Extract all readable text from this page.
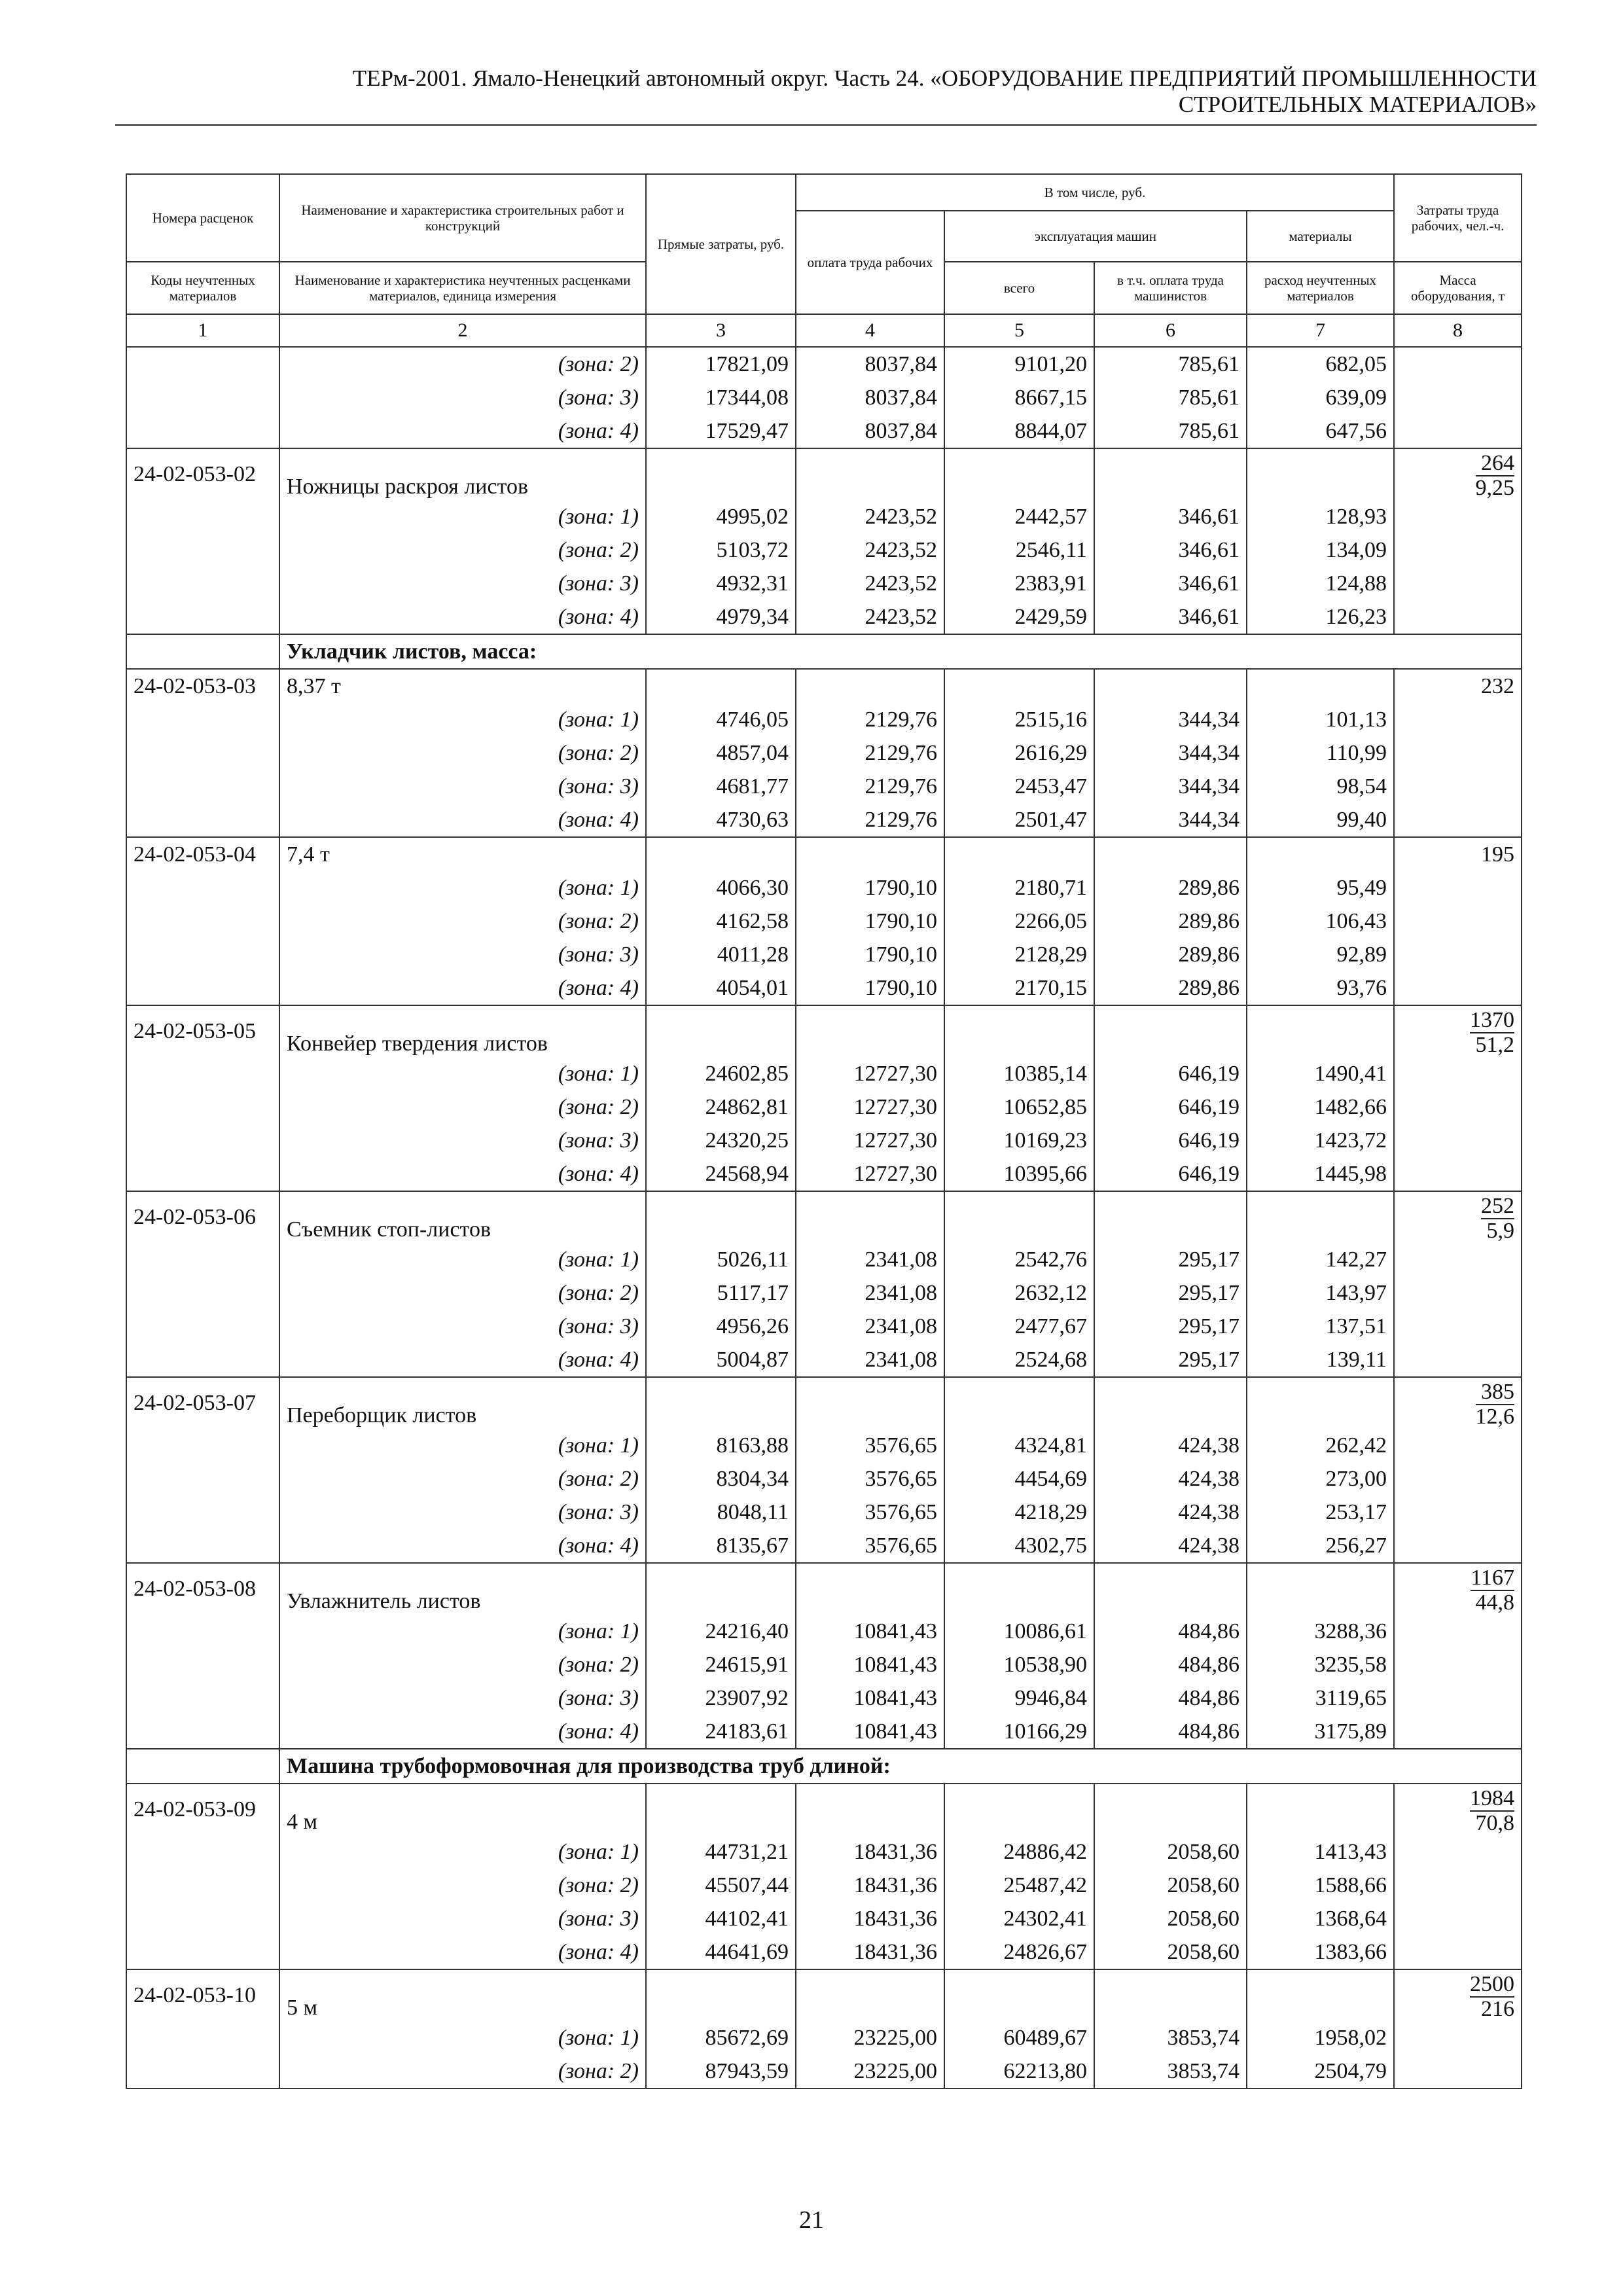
ТЕРм-2001. Ямало-Ненецкий автономный округ. Часть 24. «ОБОРУДОВАНИЕ ПРЕДПРИЯТИЙ ПРОМЫШЛЕННОСТИ
СТРОИТЕЛЬНЫХ МАТЕРИАЛОВ»
Номера расценок	Наименование и характеристика строительных работ и конструкций	Прямые затраты, руб.	В том числе, руб.				Затраты труда рабочих, чел.-ч.
			оплата труда рабочих	эксплуатация машин		материалы	
Коды неучтенных материалов	Наименование и характеристика неучтенных расценками материалов, единица измерения			всего	в т.ч. оплата труда машинистов	расход неучтенных материалов	Масса оборудования, т
1	2	3	4	5	6	7	8
	(зона: 2)	17821,09	8037,84	9101,20	785,61	682,05	
	(зона: 3)	17344,08	8037,84	8667,15	785,61	639,09	
	(зона: 4)	17529,47	8037,84	8844,07	785,61	647,56	
24-02-053-02	Ножницы раскроя листов						$\frac{264}{9,25}$

	(зона: 1)	4995,02	2423,52	2442,57	346,61	128,93	
	(зона: 2)	5103,72	2423,52	2546,11	346,61	134,09	
	(зона: 3)	4932,31	2423,52	2383,91	346,61	124,88	
	(зона: 4)	4979,34	2423,52	2429,59	346,61	126,23	
	Укладчик листов, масса:						
24-02-053-03	8,37 т						232
	(зона: 1)	4746,05	2129,76	2515,16	344,34	101,13	
	(зона: 2)	4857,04	2129,76	2616,29	344,34	110,99	
	(зона: 3)	4681,77	2129,76	2453,47	344,34	98,54	
	(зона: 4)	4730,63	2129,76	2501,47	344,34	99,40	
24-02-053-04	7,4 т						195
	(зона: 1)	4066,30	1790,10	2180,71	289,86	95,49	
	(зона: 2)	4162,58	1790,10	2266,05	289,86	106,43	
	(зона: 3)	4011,28	1790,10	2128,29	289,86	92,89	
	(зона: 4)	4054,01	1790,10	2170,15	289,86	93,76	
24-02-053-05	Конвейер твердения листов						$\frac{1370}{51,2}$

	(зона: 1)	24602,85	12727,30	10385,14	646,19	1490,41	
	(зона: 2)	24862,81	12727,30	10652,85	646,19	1482,66	
	(зона: 3)	24320,25	12727,30	10169,23	646,19	1423,72	
	(зона: 4)	24568,94	12727,30	10395,66	646,19	1445,98	
24-02-053-06	Съемник стоп-листов						$\frac{252}{5,9}$

	(зона: 1)	5026,11	2341,08	2542,76	295,17	142,27	
	(зона: 2)	5117,17	2341,08	2632,12	295,17	143,97	
	(зона: 3)	4956,26	2341,08	2477,67	295,17	137,51	
	(зона: 4)	5004,87	2341,08	2524,68	295,17	139,11	
24-02-053-07	Переборщик листов						$\frac{385}{12,6}$

	(зона: 1)	8163,88	3576,65	4324,81	424,38	262,42	
	(зона: 2)	8304,34	3576,65	4454,69	424,38	273,00	
	(зона: 3)	8048,11	3576,65	4218,29	424,38	253,17	
	(зона: 4)	8135,67	3576,65	4302,75	424,38	256,27	
24-02-053-08	Увлажнитель листов						$\frac{1167}{44,8}$

	(зона: 1)	24216,40	10841,43	10086,61	484,86	3288,36	
	(зона: 2)	24615,91	10841,43	10538,90	484,86	3235,58	
	(зона: 3)	23907,92	10841,43	9946,84	484,86	3119,65	
	(зона: 4)	24183,61	10841,43	10166,29	484,86	3175,89	
	Машина трубоформовочная для производства труб длиной:						
24-02-053-09	4 м						$\frac{1984}{70,8}$

	(зона: 1)	44731,21	18431,36	24886,42	2058,60	1413,43	
	(зона: 2)	45507,44	18431,36	25487,42	2058,60	1588,66	
	(зона: 3)	44102,41	18431,36	24302,41	2058,60	1368,64	
	(зона: 4)	44641,69	18431,36	24826,67	2058,60	1383,66	
24-02-053-10	5 м						$\frac{2500}{216}$

	(зона: 1)	85672,69	23225,00	60489,67	3853,74	1958,02	
	(зона: 2)	87943,59	23225,00	62213,80	3853,74	2504,79	
21
